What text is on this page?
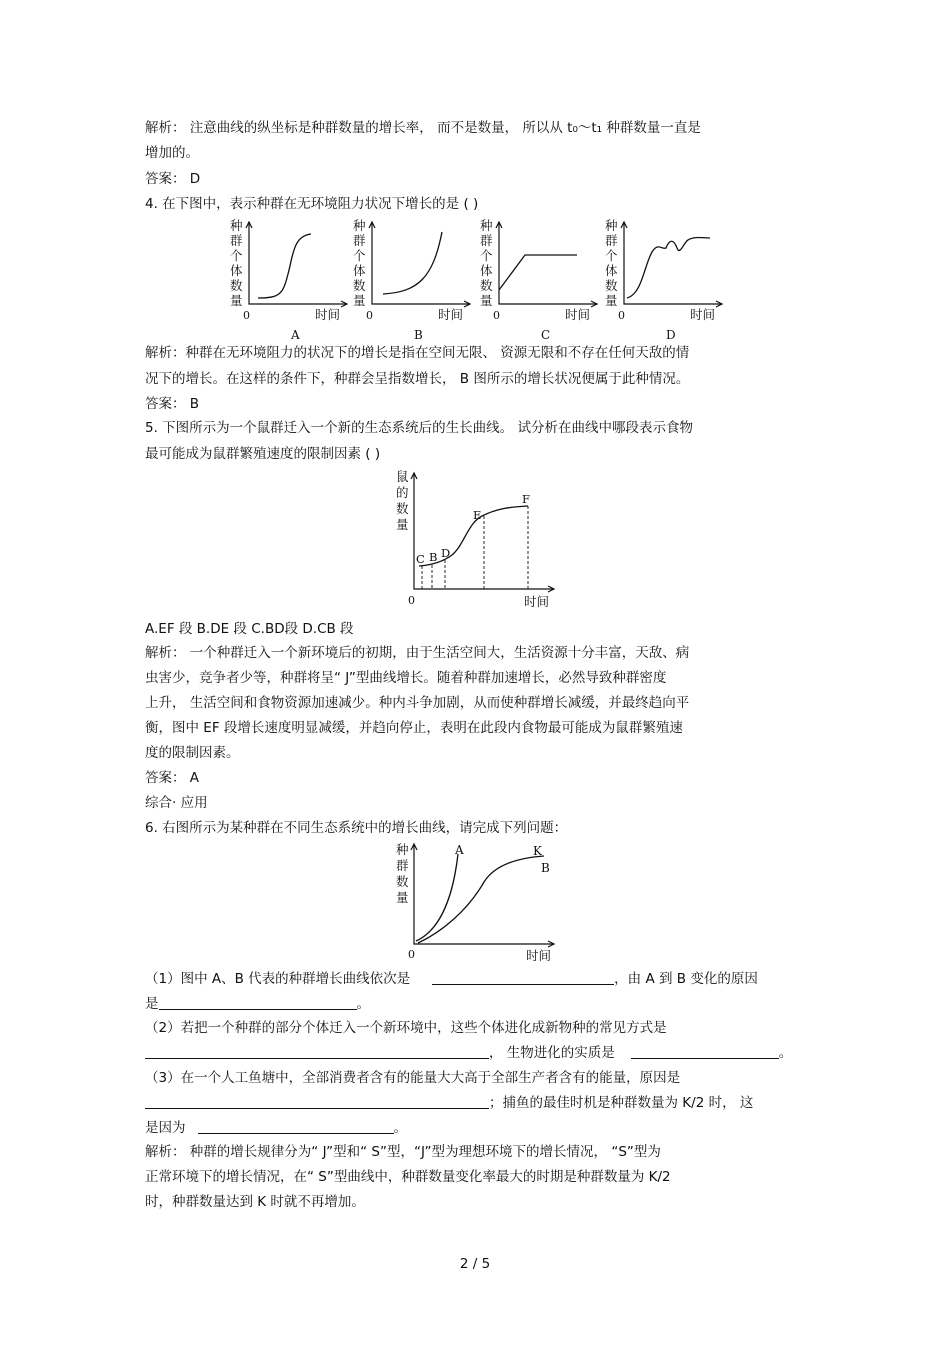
解析： 注意曲线的纵坐标是种群数量的增长率， 而不是数量， 所以从 t₀～t₁ 种群数量一直是
增加的。
答案： D
4. 在下图中，表示种群在无环境阻力状况下增长的是 ( )
种
群
个
体
数
量
0	时间
A
种
群
个
体
数
量
0	时间
B
种
群
个
体
数
量
0	时间
C
种
群
个
体
数
量
0	时间
D
解析：种群在无环境阻力的状况下的增长是指在空间无限、 资源无限和不存在任何天敌的情
况下的增长。在这样的条件下，种群会呈指数增长， B 图所示的增长状况便属于此种情况。
答案： B
5. 下图所示为一个鼠群迁入一个新的生态系统后的生长曲线。 试分析在曲线中哪段表示食物
最可能成为鼠群繁殖速度的限制因素 ( )
鼠
的
数
量
C B D
E
F
0	时间
A.EF 段 B.DE 段 C.BD段 D.CB 段
解析： 一个种群迁入一个新环境后的初期，由于生活空间大，生活资源十分丰富，天敌、病
虫害少，竞争者少等，种群将呈“ J”型曲线增长。随着种群加速增长，必然导致种群密度
上升， 生活空间和食物资源加速减少。种内斗争加剧，从而使种群增长减缓，并最终趋向平
衡，图中 EF 段增长速度明显减缓，并趋向停止，表明在此段内食物最可能成为鼠群繁殖速
度的限制因素。
答案： A
综合· 应用
6. 右图所示为某种群在不同生态系统中的增长曲线，请完成下列问题：
种
群
数
量
A	K
B
0	时间
（1）图中 A、B 代表的种群增长曲线依次是	，由 A 到 B 变化的原因
是	。
（2）若把一个种群的部分个体迁入一个新环境中，这些个体进化成新物种的常见方式是
， 生物进化的实质是	。
（3）在一个人工鱼塘中，全部消费者含有的能量大大高于全部生产者含有的能量，原因是
；捕鱼的最佳时机是种群数量为 K/2 时， 这
是因为	。
解析： 种群的增长规律分为“ J”型和“ S”型，“J”型为理想环境下的增长情况， “S”型为
正常环境下的增长情况，在“ S”型曲线中，种群数量变化率最大的时期是种群数量为 K/2
时，种群数量达到 K 时就不再增加。
2 / 5
